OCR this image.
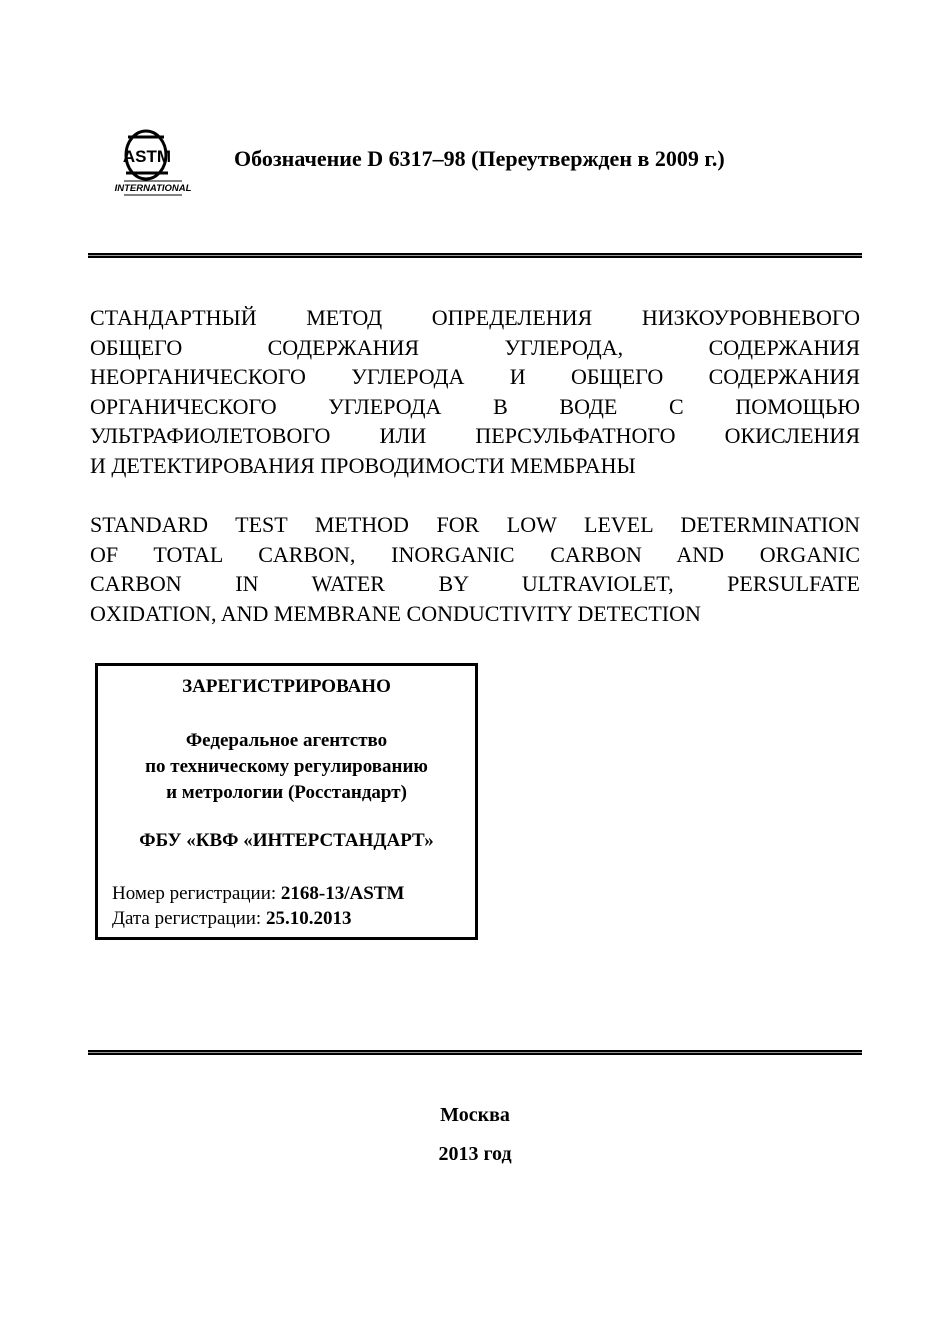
ASTM
INTERNATIONAL
Обозначение D 6317–98 (Переутвержден в 2009 г.)
СТАНДАРТНЫЙ МЕТОД ОПРЕДЕЛЕНИЯ НИЗКОУРОВНЕВОГО
ОБЩЕГО СОДЕРЖАНИЯ УГЛЕРОДА, СОДЕРЖАНИЯ
НЕОРГАНИЧЕСКОГО УГЛЕРОДА И ОБЩЕГО СОДЕРЖАНИЯ
ОРГАНИЧЕСКОГО УГЛЕРОДА В ВОДЕ С ПОМОЩЬЮ
УЛЬТРАФИОЛЕТОВОГО ИЛИ ПЕРСУЛЬФАТНОГО ОКИСЛЕНИЯ
И ДЕТЕКТИРОВАНИЯ ПРОВОДИМОСТИ МЕМБРАНЫ
STANDARD TEST METHOD FOR LOW LEVEL DETERMINATION
OF TOTAL CARBON, INORGANIC CARBON AND ORGANIC
CARBON IN WATER BY ULTRAVIOLET, PERSULFATE
OXIDATION, AND MEMBRANE CONDUCTIVITY DETECTION
ЗАРЕГИСТРИРОВАНО
Федеральное агентство
по техническому регулированию
и метрологии (Росстандарт)
ФБУ «КВФ «ИНТЕРСТАНДАРТ»
Номер регистрации: 2168-13/ASTM
Дата регистрации: 25.10.2013
Москва
2013 год
